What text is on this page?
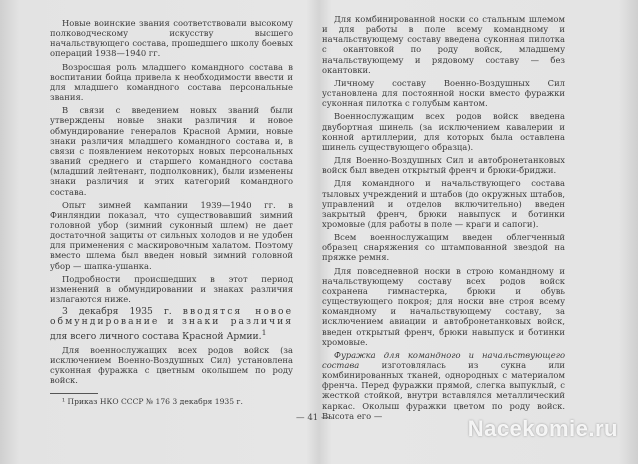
Новые воинские звания соответствовали высокому полководческому искусству высшего начальствующего состава, прошедшего школу боевых операций 1938—1940 гг.

Возросшая роль младшего командного состава в воспитании бойца привела к необходимости ввести и для младшего командного состава персональные звания.

В связи с введением новых званий были утверждены новые знаки различия и новое обмундирование генералов Красной Армии, новые знаки различия младшего командного состава и, в связи с появлением некоторых новых персональных званий среднего и старшего командного состава (младший лейтенант, подполковник), были изменены знаки различия и этих категорий командного состава.

Опыт зимней кампании 1939—1940 гг. в Финляндии показал, что существовавший зимний головной убор (зимний суконный шлем) не дает достаточной защиты от сильных холодов и не удобен для применения с маскировочным халатом. Поэтому вместо шлема был введен новый зимний головной убор — шапка-ушанка.

Подробности происшедших в этот период изменений в обмундировании и знаках различия излагаются ниже.

3 декабря 1935 г. вводятся новое обмундирование и знаки различия для всего личного состава Красной Армии.$^1$

Для военнослужащих всех родов войск (за исключением Военно-Воздушных Сил) установлена суконная фуражка с цветным околышем по роду войск.

¹ Приказ НКО СССР № 176 3 декабря 1935 г.

Для комбинированной носки со стальным шлемом и для работы в поле всему командному и начальствующему составу введена суконная пилотка с окантовкой по роду войск, младшему начальствующему и рядовому составу — без окантовки.

Личному составу Военно-Воздушных Сил установлена для постоянной носки вместо фуражки суконная пилотка с голубым кантом.

Военнослужащим всех родов войск введена двубортная шинель (за исключением кавалерии и конной артиллерии, для которых была оставлена шинель существующего образца).

Для Военно-Воздушных Сил и автобронетанковых войск был введен открытый френч и брюки-бриджи.

Для командного и начальствующего состава тыловых учреждений и штабов (до окружных штабов, управлений и отделов включительно) введен закрытый френч, брюки навыпуск и ботинки хромовые (для работы в поле — краги и сапоги).

Всем военнослужащим введен облегченный образец снаряжения со штампованной звездой на пряжке ремня.

Для повседневной носки в строю командному и начальствующему составу всех родов войск сохранена гимнастерка, брюки и обувь существующего покроя; для носки вне строя всему командному и начальствующему составу, за исключением авиации и автобронетанковых войск, введен открытый френч, брюки навыпуск и ботинки хромовые.

Фуражка для командного и начальствующего состава	изготовлялась из сукна или комбинированных тканей, однородных с материалом френча. Перед фуражки прямой, слегка выпуклый, с жесткой стойкой, внутри вставлялся металлический каркас. Околыш фуражки цветом по роду войск. Высота его —

— 41 —	Nacekomie.ru
